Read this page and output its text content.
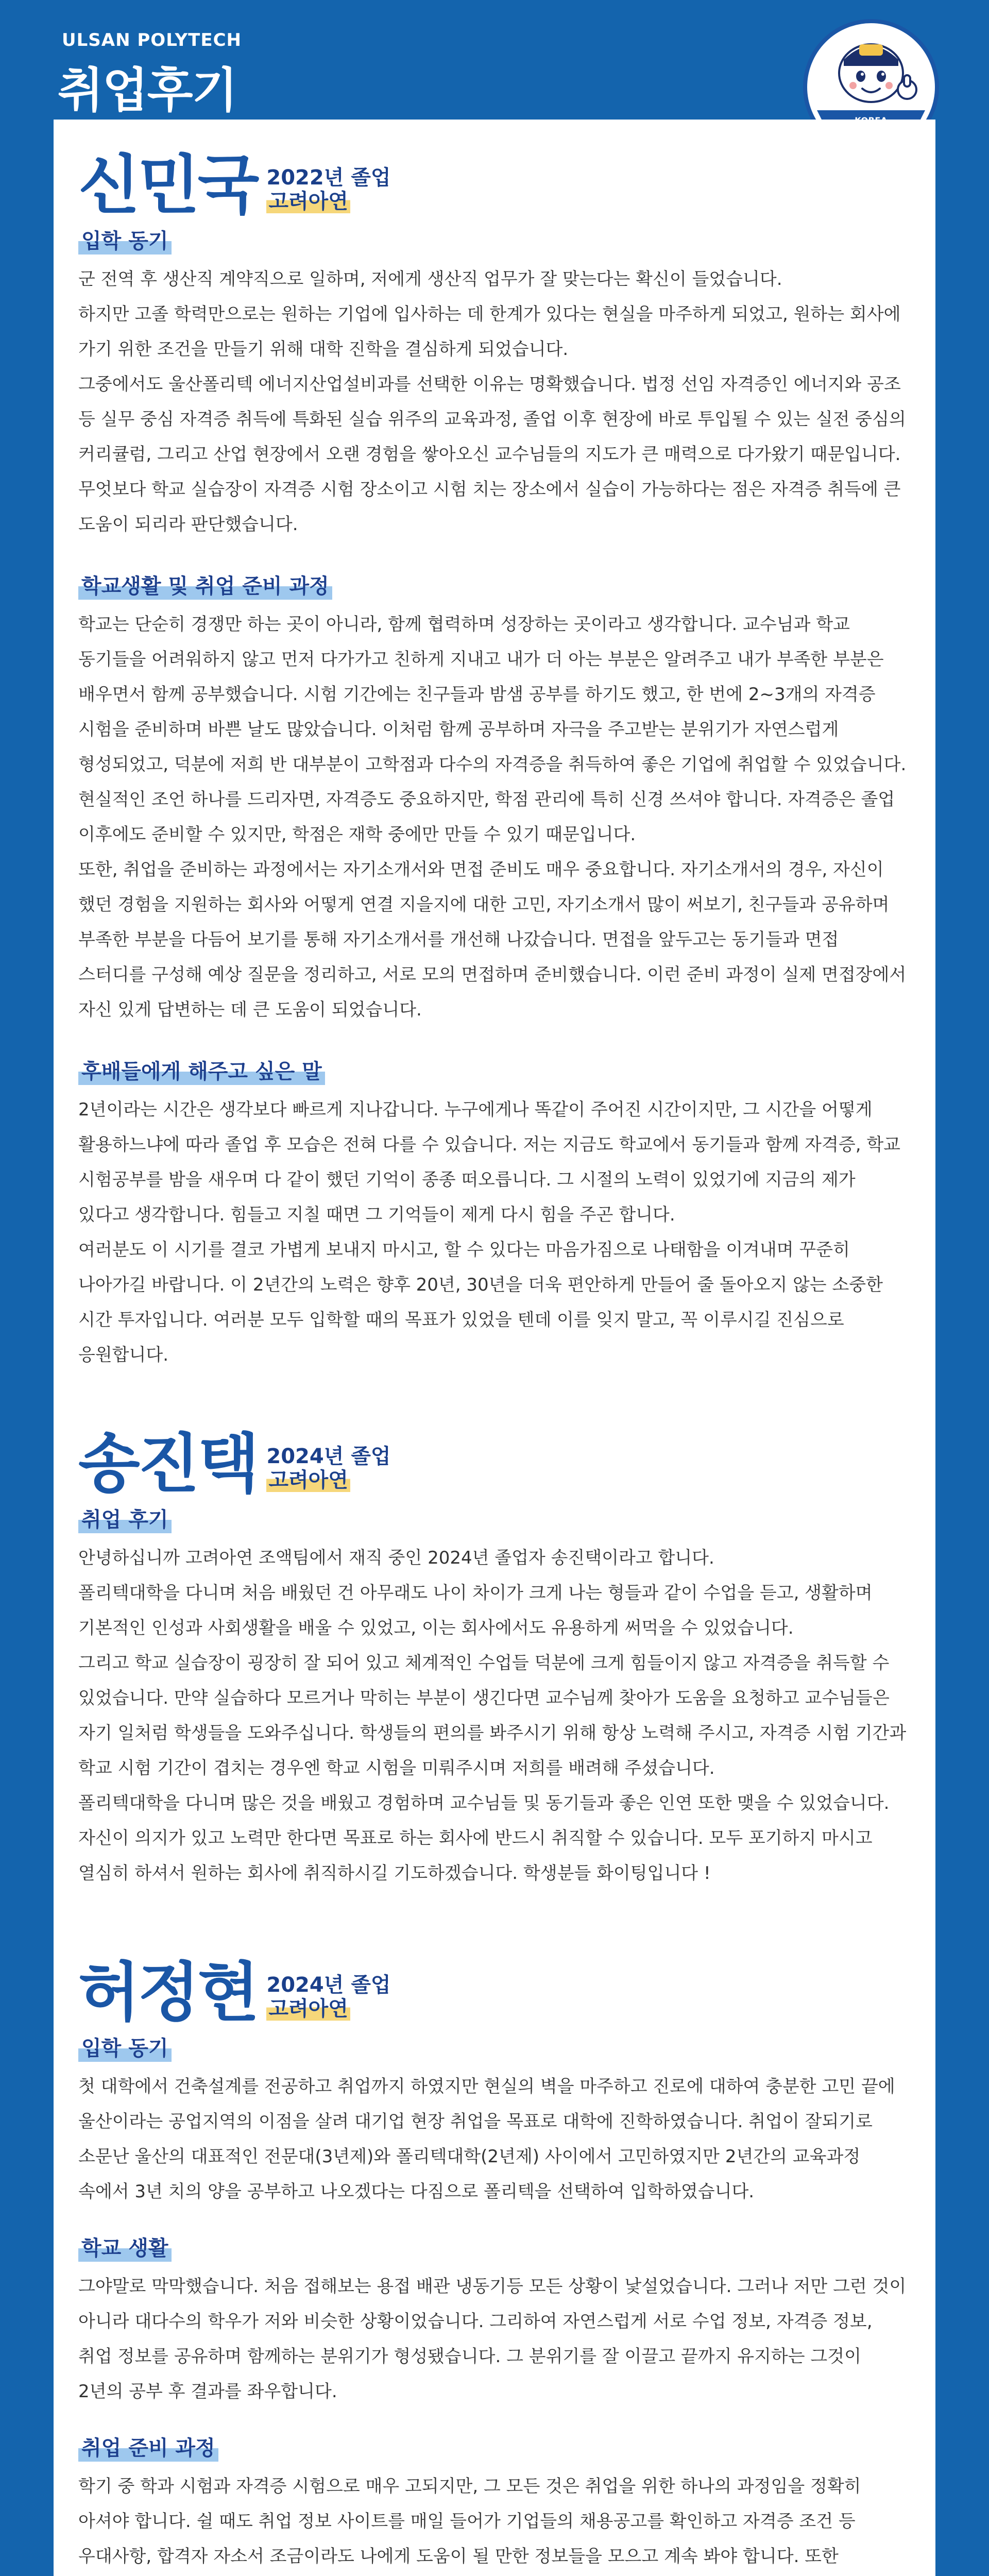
ULSAN POLYTECH
취업후기
신민국 2022년 졸업
고려아연
입학 동기

군 전역 후 생산직 계약직으로 일하며, 저에게 생산직 업무가 잘 맞는다는 확신이 들었습니다.

하지만 고졸 학력만으로는 원하는 기업에 입사하는 데 한계가 있다는 현실을 마주하게 되었고, 원하는 회사에 가기 위한 조건을 만들기 위해 대학 진학을 결심하게 되었습니다.

그중에서도 울산폴리텍 에너지산업설비과를 선택한 이유는 명확했습니다. 법정 선임 자격증인 에너지와 공조 등 실무 중심 자격증 취득에 특화된 실습 위주의 교육과정, 졸업 이후 현장에 바로 투입될 수 있는 실전 중심의 커리큘럼, 그리고 산업 현장에서 오랜 경험을 쌓아오신 교수님들의 지도가 큰 매력으로 다가왔기 때문입니다.

무엇보다 학교 실습장이 자격증 시험 장소이고 시험 치는 장소에서 실습이 가능하다는 점은 자격증 취득에 큰 도움이 되리라 판단했습니다.

학교생활 및 취업 준비 과정

학교는 단순히 경쟁만 하는 곳이 아니라, 함께 협력하며 성장하는 곳이라고 생각합니다. 교수님과 학교 동기들을 어려워하지 않고 먼저 다가가고 친하게 지내고 내가 더 아는 부분은 알려주고 내가 부족한 부분은 배우면서 함께 공부했습니다. 시험 기간에는 친구들과 밤샘 공부를 하기도 했고, 한 번에 2~3개의 자격증 시험을 준비하며 바쁜 날도 많았습니다. 이처럼 함께 공부하며 자극을 주고받는 분위기가 자연스럽게 형성되었고, 덕분에 저희 반 대부분이 고학점과 다수의 자격증을 취득하여 좋은 기업에 취업할 수 있었습니다.

현실적인 조언 하나를 드리자면, 자격증도 중요하지만, 학점 관리에 특히 신경 쓰셔야 합니다. 자격증은 졸업 이후에도 준비할 수 있지만, 학점은 재학 중에만 만들 수 있기 때문입니다.

또한, 취업을 준비하는 과정에서는 자기소개서와 면접 준비도 매우 중요합니다. 자기소개서의 경우, 자신이 했던 경험을 지원하는 회사와 어떻게 연결 지을지에 대한 고민, 자기소개서 많이 써보기, 친구들과 공유하며 부족한 부분을 다듬어 보기를 통해 자기소개서를 개선해 나갔습니다. 면접을 앞두고는 동기들과 면접 스터디를 구성해 예상 질문을 정리하고, 서로 모의 면접하며 준비했습니다. 이런 준비 과정이 실제 면접장에서 자신 있게 답변하는 데 큰 도움이 되었습니다.

후배들에게 해주고 싶은 말

2년이라는 시간은 생각보다 빠르게 지나갑니다. 누구에게나 똑같이 주어진 시간이지만, 그 시간을 어떻게 활용하느냐에 따라 졸업 후 모습은 전혀 다를 수 있습니다. 저는 지금도 학교에서 동기들과 함께 자격증, 학교 시험공부를 밤을 새우며 다 같이 했던 기억이 종종 떠오릅니다. 그 시절의 노력이 있었기에 지금의 제가 있다고 생각합니다. 힘들고 지칠 때면 그 기억들이 제게 다시 힘을 주곤 합니다.

여러분도 이 시기를 결코 가볍게 보내지 마시고, 할 수 있다는 마음가짐으로 나태함을 이겨내며 꾸준히 나아가길 바랍니다. 이 2년간의 노력은 향후 20년, 30년을 더욱 편안하게 만들어 줄 돌아오지 않는 소중한 시간 투자입니다. 여러분 모두 입학할 때의 목표가 있었을 텐데 이를 잊지 말고, 꼭 이루시길 진심으로 응원합니다.

송진택 2024년 졸업
고려아연
취업 후기

안녕하십니까 고려아연 조액팀에서 재직 중인 2024년 졸업자 송진택이라고 합니다.

폴리텍대학을 다니며 처음 배웠던 건 아무래도 나이 차이가 크게 나는 형들과 같이 수업을 듣고, 생활하며 기본적인 인성과 사회생활을 배울 수 있었고, 이는 회사에서도 유용하게 써먹을 수 있었습니다.

그리고 학교 실습장이 굉장히 잘 되어 있고 체계적인 수업들 덕분에 크게 힘들이지 않고 자격증을 취득할 수 있었습니다. 만약 실습하다 모르거나 막히는 부분이 생긴다면 교수님께 찾아가 도움을 요청하고 교수님들은 자기 일처럼 학생들을 도와주십니다. 학생들의 편의를 봐주시기 위해 항상 노력해 주시고, 자격증 시험 기간과 학교 시험 기간이 겹치는 경우엔 학교 시험을 미뤄주시며 저희를 배려해 주셨습니다.

폴리텍대학을 다니며 많은 것을 배웠고 경험하며 교수님들 및 동기들과 좋은 인연 또한 맺을 수 있었습니다. 자신이 의지가 있고 노력만 한다면 목표로 하는 회사에 반드시 취직할 수 있습니다. 모두 포기하지 마시고 열심히 하셔서 원하는 회사에 취직하시길 기도하겠습니다. 학생분들 화이팅입니다 !

허정현 2024년 졸업
고려아연
입학 동기

첫 대학에서 건축설계를 전공하고 취업까지 하였지만 현실의 벽을 마주하고 진로에 대하여 충분한 고민 끝에 울산이라는 공업지역의 이점을 살려 대기업 현장 취업을 목표로 대학에 진학하였습니다. 취업이 잘되기로 소문난 울산의 대표적인 전문대(3년제)와 폴리텍대학(2년제) 사이에서 고민하였지만 2년간의 교육과정 속에서 3년 치의 양을 공부하고 나오겠다는 다짐으로 폴리텍을 선택하여 입학하였습니다.

학교 생활

그야말로 막막했습니다. 처음 접해보는 용접 배관 냉동기등 모든 상황이 낯설었습니다. 그러나 저만 그런 것이 아니라 대다수의 학우가 저와 비슷한 상황이었습니다. 그리하여 자연스럽게 서로 수업 정보, 자격증 정보, 취업 정보를 공유하며 함께하는 분위기가 형성됐습니다. 그 분위기를 잘 이끌고 끝까지 유지하는 그것이 2년의 공부 후 결과를 좌우합니다.

취업 준비 과정

학기 중 학과 시험과 자격증 시험으로 매우 고되지만, 그 모든 것은 취업을 위한 하나의 과정임을 정확히 아셔야 합니다. 쉴 때도 취업 정보 사이트를 매일 들어가 기업들의 채용공고를 확인하고 자격증 조건 등 우대사항, 합격자 자소서 조금이라도 나에게 도움이 될 만한 정보들을 모으고 계속 봐야 합니다. 또한
